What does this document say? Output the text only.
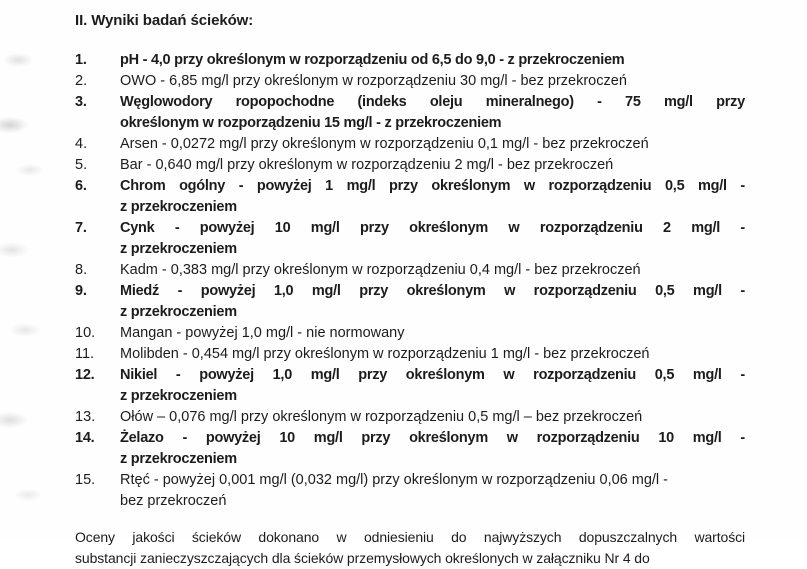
II. Wyniki badań ścieków:
1.	pH - 4,0 przy określonym w rozporządzeniu od 6,5 do 9,0 - z przekroczeniem
2.	OWO - 6,85 mg/l przy określonym w rozporządzeniu 30 mg/l - bez przekroczeń
3.	Węglowodory ropopochodne (indeks oleju mineralnego) - 75 mg/l przy
określonym w rozporządzeniu 15 mg/l - z przekroczeniem
4.	Arsen - 0,0272 mg/l przy określonym w rozporządzeniu 0,1 mg/l - bez przekroczeń
5.	Bar - 0,640 mg/l przy określonym w rozporządzeniu 2 mg/l - bez przekroczeń
6.	Chrom ogólny - powyżej 1 mg/l przy określonym w rozporządzeniu 0,5 mg/l -
z przekroczeniem
7.	Cynk - powyżej 10 mg/l przy określonym w rozporządzeniu 2 mg/l -
z przekroczeniem
8.	Kadm - 0,383 mg/l przy określonym w rozporządzeniu 0,4 mg/l - bez przekroczeń
9.	Miedź - powyżej 1,0 mg/l przy określonym w rozporządzeniu 0,5 mg/l -
z przekroczeniem
10.	Mangan - powyżej 1,0 mg/l - nie normowany
11.	Molibden - 0,454 mg/l przy określonym w rozporządzeniu 1 mg/l - bez przekroczeń
12.	Nikiel - powyżej 1,0 mg/l przy określonym w rozporządzeniu 0,5 mg/l -
z przekroczeniem
13.	Ołów – 0,076 mg/l przy określonym w rozporządzeniu 0,5 mg/l – bez przekroczeń
14.	Żelazo - powyżej 10 mg/l przy określonym w rozporządzeniu 10 mg/l -
z przekroczeniem
15.	Rtęć - powyżej 0,001 mg/l (0,032 mg/l) przy określonym w rozporządzeniu 0,06 mg/l -
bez przekroczeń
Oceny jakości ścieków dokonano w odniesieniu do najwyższych dopuszczalnych wartości
substancji zanieczyszczających dla ścieków przemysłowych określonych w załączniku Nr 4 do
